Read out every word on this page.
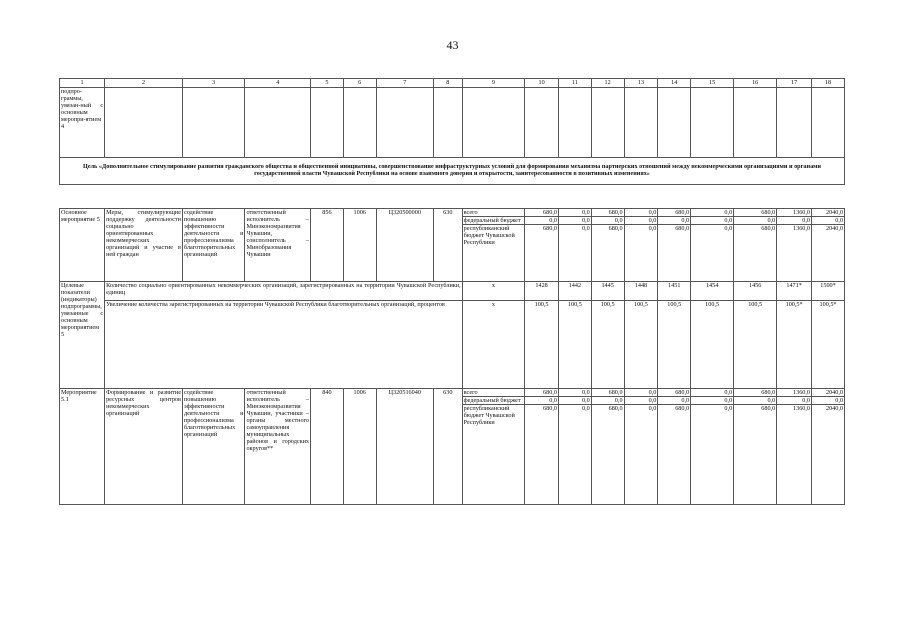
43
1	2	3	4	5	6	7	8	9	10	11	12	13	14	15	16	17	18
подпро-граммы, увязан-ный с основным меропри-ятием 4																	
Цель «Дополнительное стимулирование развития гражданского общества и общественной инициативы, совершенствование инфраструктурных условий для формирования механизма партнерских отношений между некоммерческими организациями и органами государственной власти Чувашской Республики на основе взаимного доверия и открытости, заинтересованности в позитивных изменениях»																	
Основное мероприятие 5	Меры, стимулирующие поддержку деятельности социально ориентированных некоммерческих организаций и участие в ней граждан	содействие повышению эффективности деятельности и профессионализма благотворительных организаций	ответственный исполнитель – Минэкономразвития Чувашии, соисполнитель – Минобразования Чувашии	856	1006	Ц320500000	630	всего	680,0	0,0	680,0	0,0	680,0	0,0	680,0	1360,0	2040,0
								федеральный бюджет	0,0	0,0	0,0	0,0	0,0	0,0	0,0	0,0	0,0
								республиканский бюджет Чувашской Республики	680,0	0,0	680,0	0,0	680,0	0,0	680,0	1360,0	2040,0
Целевые показатели (индикаторы) подпрограммы, увязанные с основным мероприятием 5	Количество социально ориентированных некоммерческих организаций, зарегистрированных на территории Чувашской Республики, единиц							x	1428	1442	1445	1448	1451	1454	1456	1471*	1500*
	Увеличение количества зарегистрированных на территории Чувашской Республики благотворительных организаций, процентов							x	100,5	100,5	100,5	100,5	100,5	100,5	100,5	100,5*	100,5*
Мероприятие 5.1	Формирование и развитие ресурсных центров некоммерческих организаций	содействие повышению эффективности деятельности и профессионализма благотворительных организаций	ответственный исполнитель – Минэкономразвития Чувашии, участники – органы местного самоуправления муниципальных районов и городских округов**	840	1006	Ц320516040	630	всего	680,0	0,0	680,0	0,0	680,0	0,0	680,0	1360,0	2040,0
								федеральный бюджет	0,0	0,0	0,0	0,0	0,0	0,0	0,0	0,0	0,0
								республиканский бюджет Чувашской Республики	680,0	0,0	680,0	0,0	680,0	0,0	680,0	1360,0	2040,0
